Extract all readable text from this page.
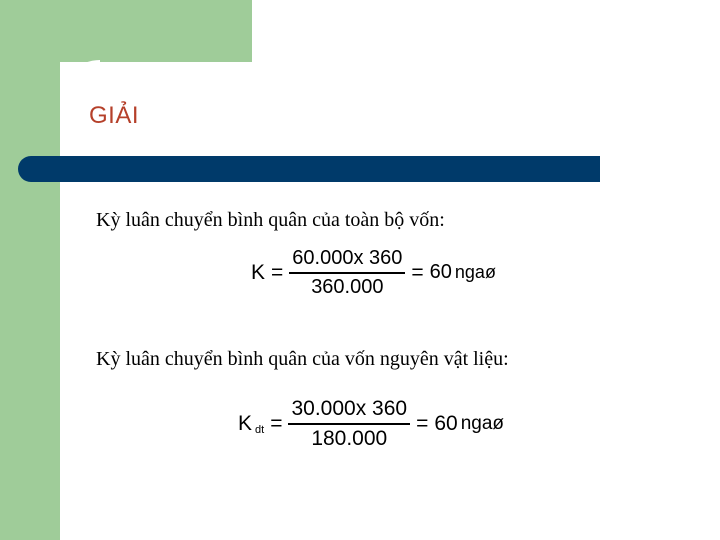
GIẢI
Kỳ luân chuyển bình quân của toàn bộ vốn:
$K = \frac{60.000x 360}{360.000} = 60$ ngaø
Kỳ luân chuyển bình quân của vốn nguyên vật liệu:
K dt = $\frac{30.000x 360}{180.000} = 60$ ngaø
